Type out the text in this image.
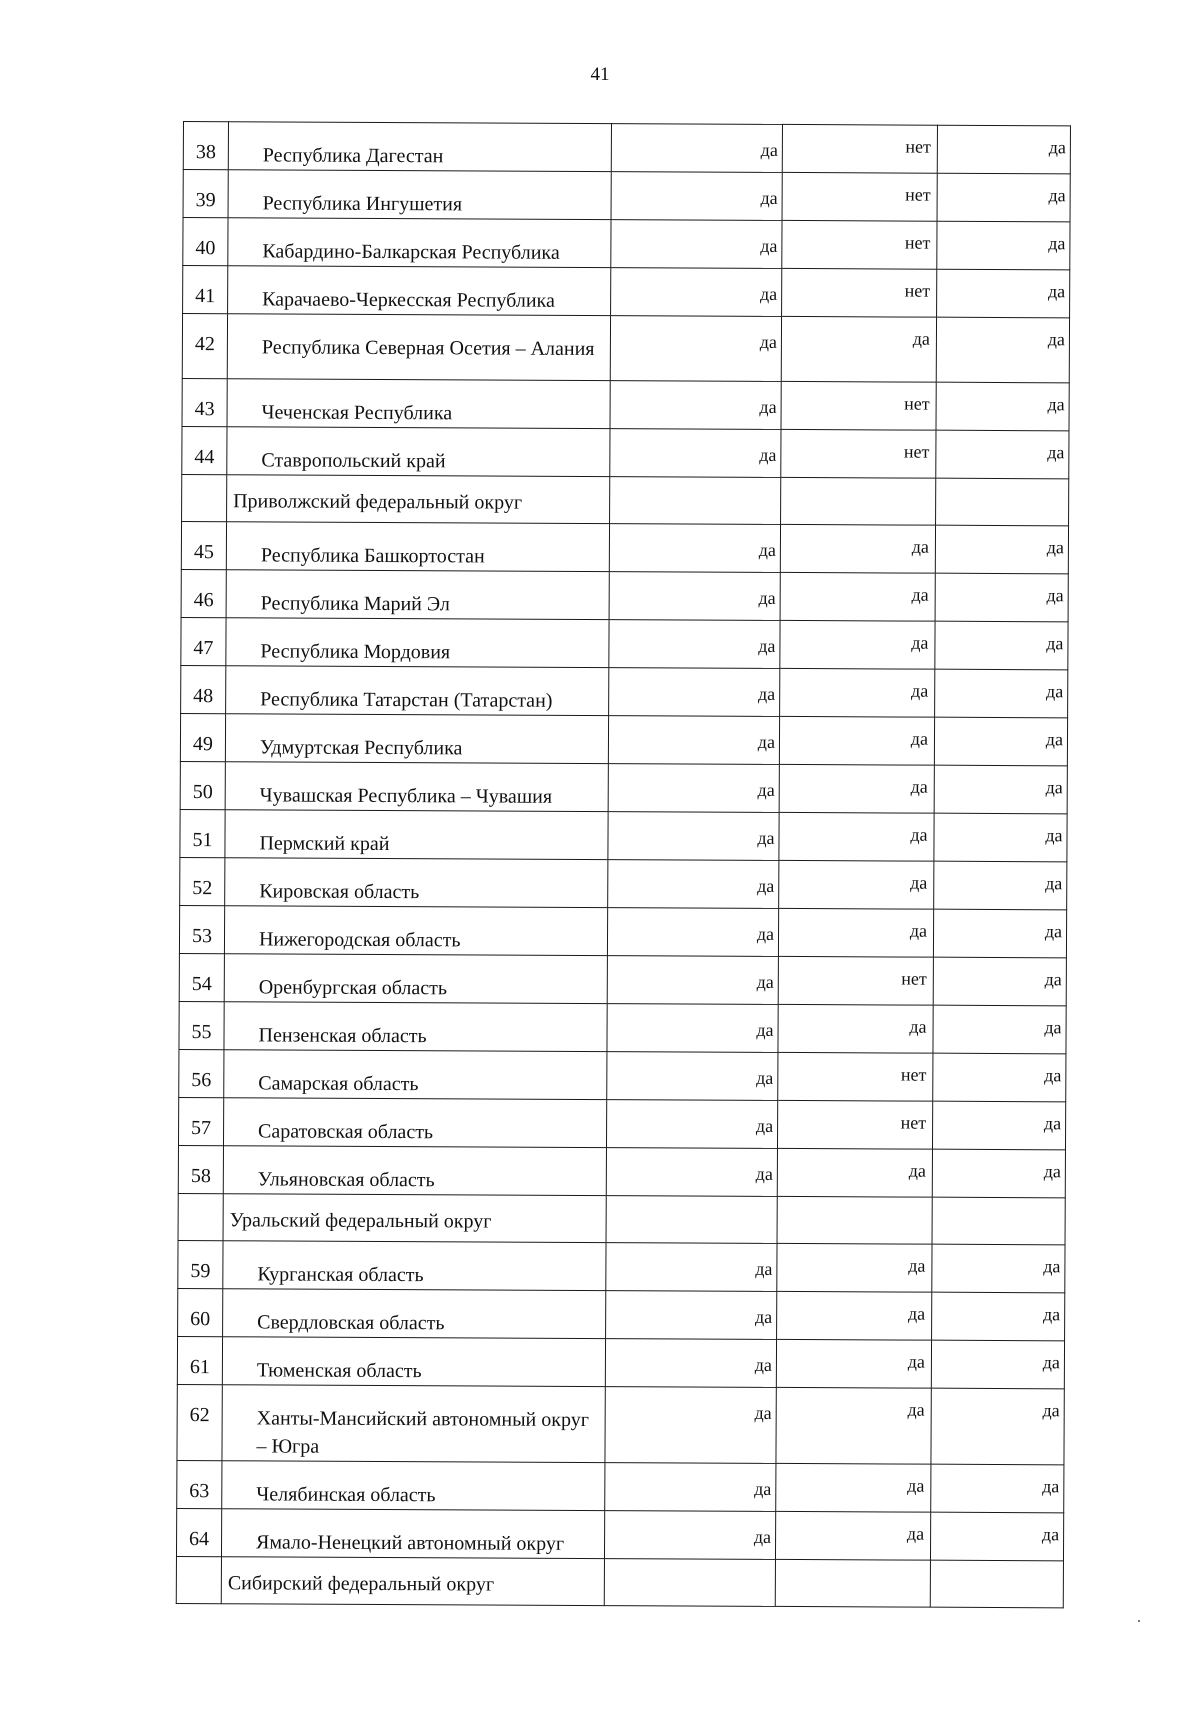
41
38	Республика Дагестан	да	нет	да
39	Республика Ингушетия	да	нет	да
40	Кабардино-Балкарская Республика	да	нет	да
41	Карачаево-Черкесская Республика	да	нет	да
42	Республика Северная Осетия – Алания	да	да	да
43	Чеченская Республика	да	нет	да
44	Ставропольский край	да	нет	да
	Приволжский федеральный округ			
45	Республика Башкортостан	да	да	да
46	Республика Марий Эл	да	да	да
47	Республика Мордовия	да	да	да
48	Республика Татарстан (Татарстан)	да	да	да
49	Удмуртская Республика	да	да	да
50	Чувашская Республика – Чувашия	да	да	да
51	Пермский край	да	да	да
52	Кировская область	да	да	да
53	Нижегородская область	да	да	да
54	Оренбургская область	да	нет	да
55	Пензенская область	да	да	да
56	Самарская область	да	нет	да
57	Саратовская область	да	нет	да
58	Ульяновская область	да	да	да
	Уральский федеральный округ			
59	Курганская область	да	да	да
60	Свердловская область	да	да	да
61	Тюменская область	да	да	да
62	Ханты-Мансийский автономный округ – Югра	да	да	да
63	Челябинская область	да	да	да
64	Ямало-Ненецкий автономный округ	да	да	да
	Сибирский федеральный округ			
